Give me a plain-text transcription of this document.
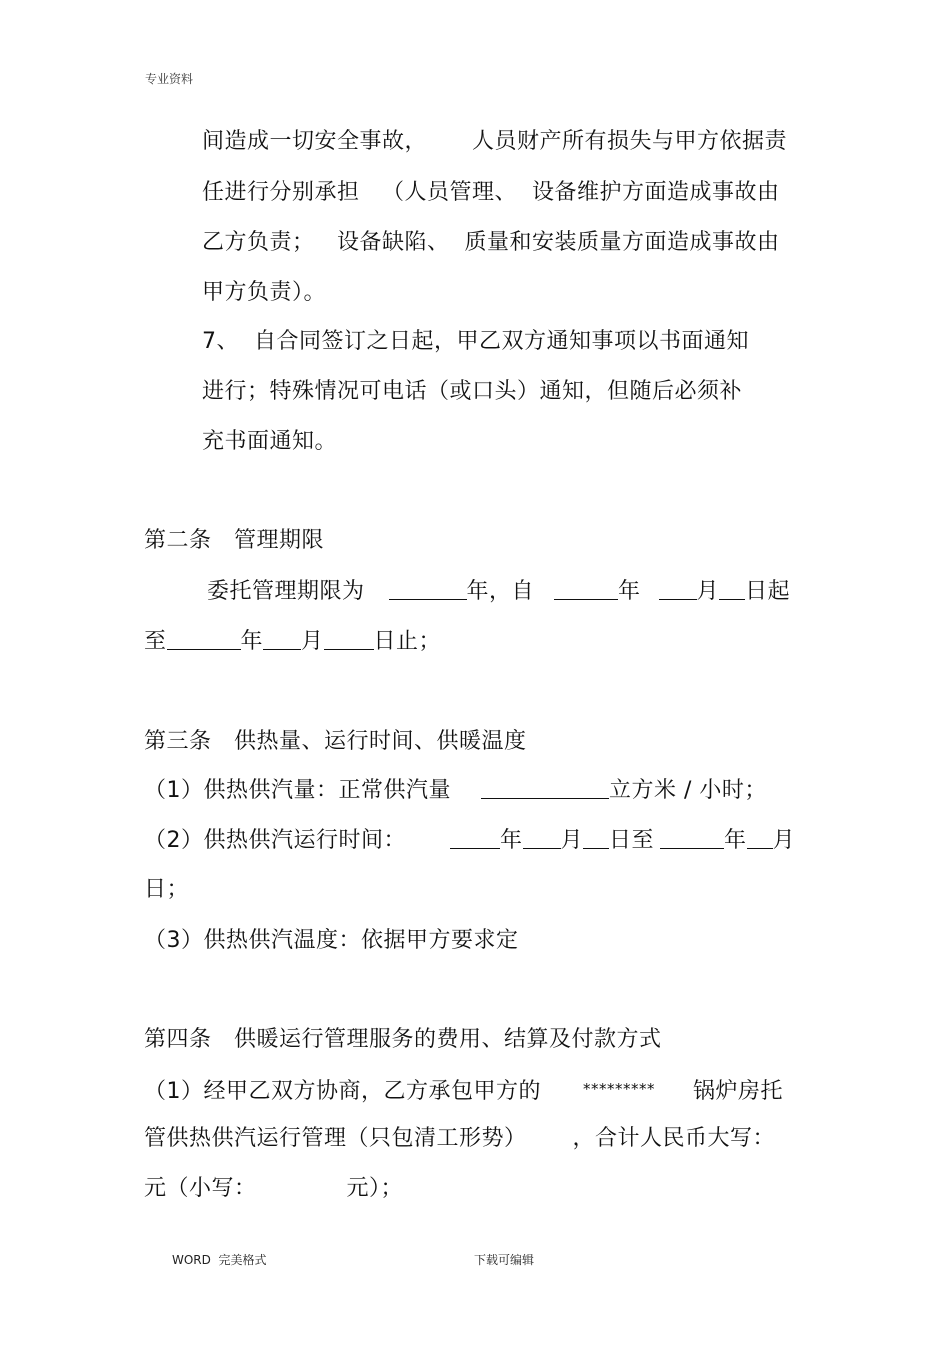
专业资料
间造成一切安全事故，      人员财产所有损失与甲方依据责
任进行分别承担   （人员管理、  设备维护方面造成事故由
乙方负责；   设备缺陷、  质量和安装质量方面造成事故由
甲方负责）。
7、  自合同签订之日起，甲乙双方通知事项以书面通知
进行；特殊情况可电话（或口头）通知，但随后必须补
充书面通知。
第二条   管理期限
委托管理期限为	年，自	年	月 日起
至	年 月 日止；
第三条   供热量、运行时间、供暖温度
（1）供热供汽量：正常供汽量	立方米 / 小时；
（2）供热供汽运行时间：	年 月 日至	年 月
日；
（3）供热供汽温度：依据甲方要求定
第四条   供暖运行管理服务的费用、结算及付款方式
（1）经甲乙双方协商，乙方承包甲方的	********* 锅炉房托
管供热供汽运行管理（只包清工形势） ，合计人民币大写：
元（小写：	元）；
WORD  完美格式	下载可编辑
